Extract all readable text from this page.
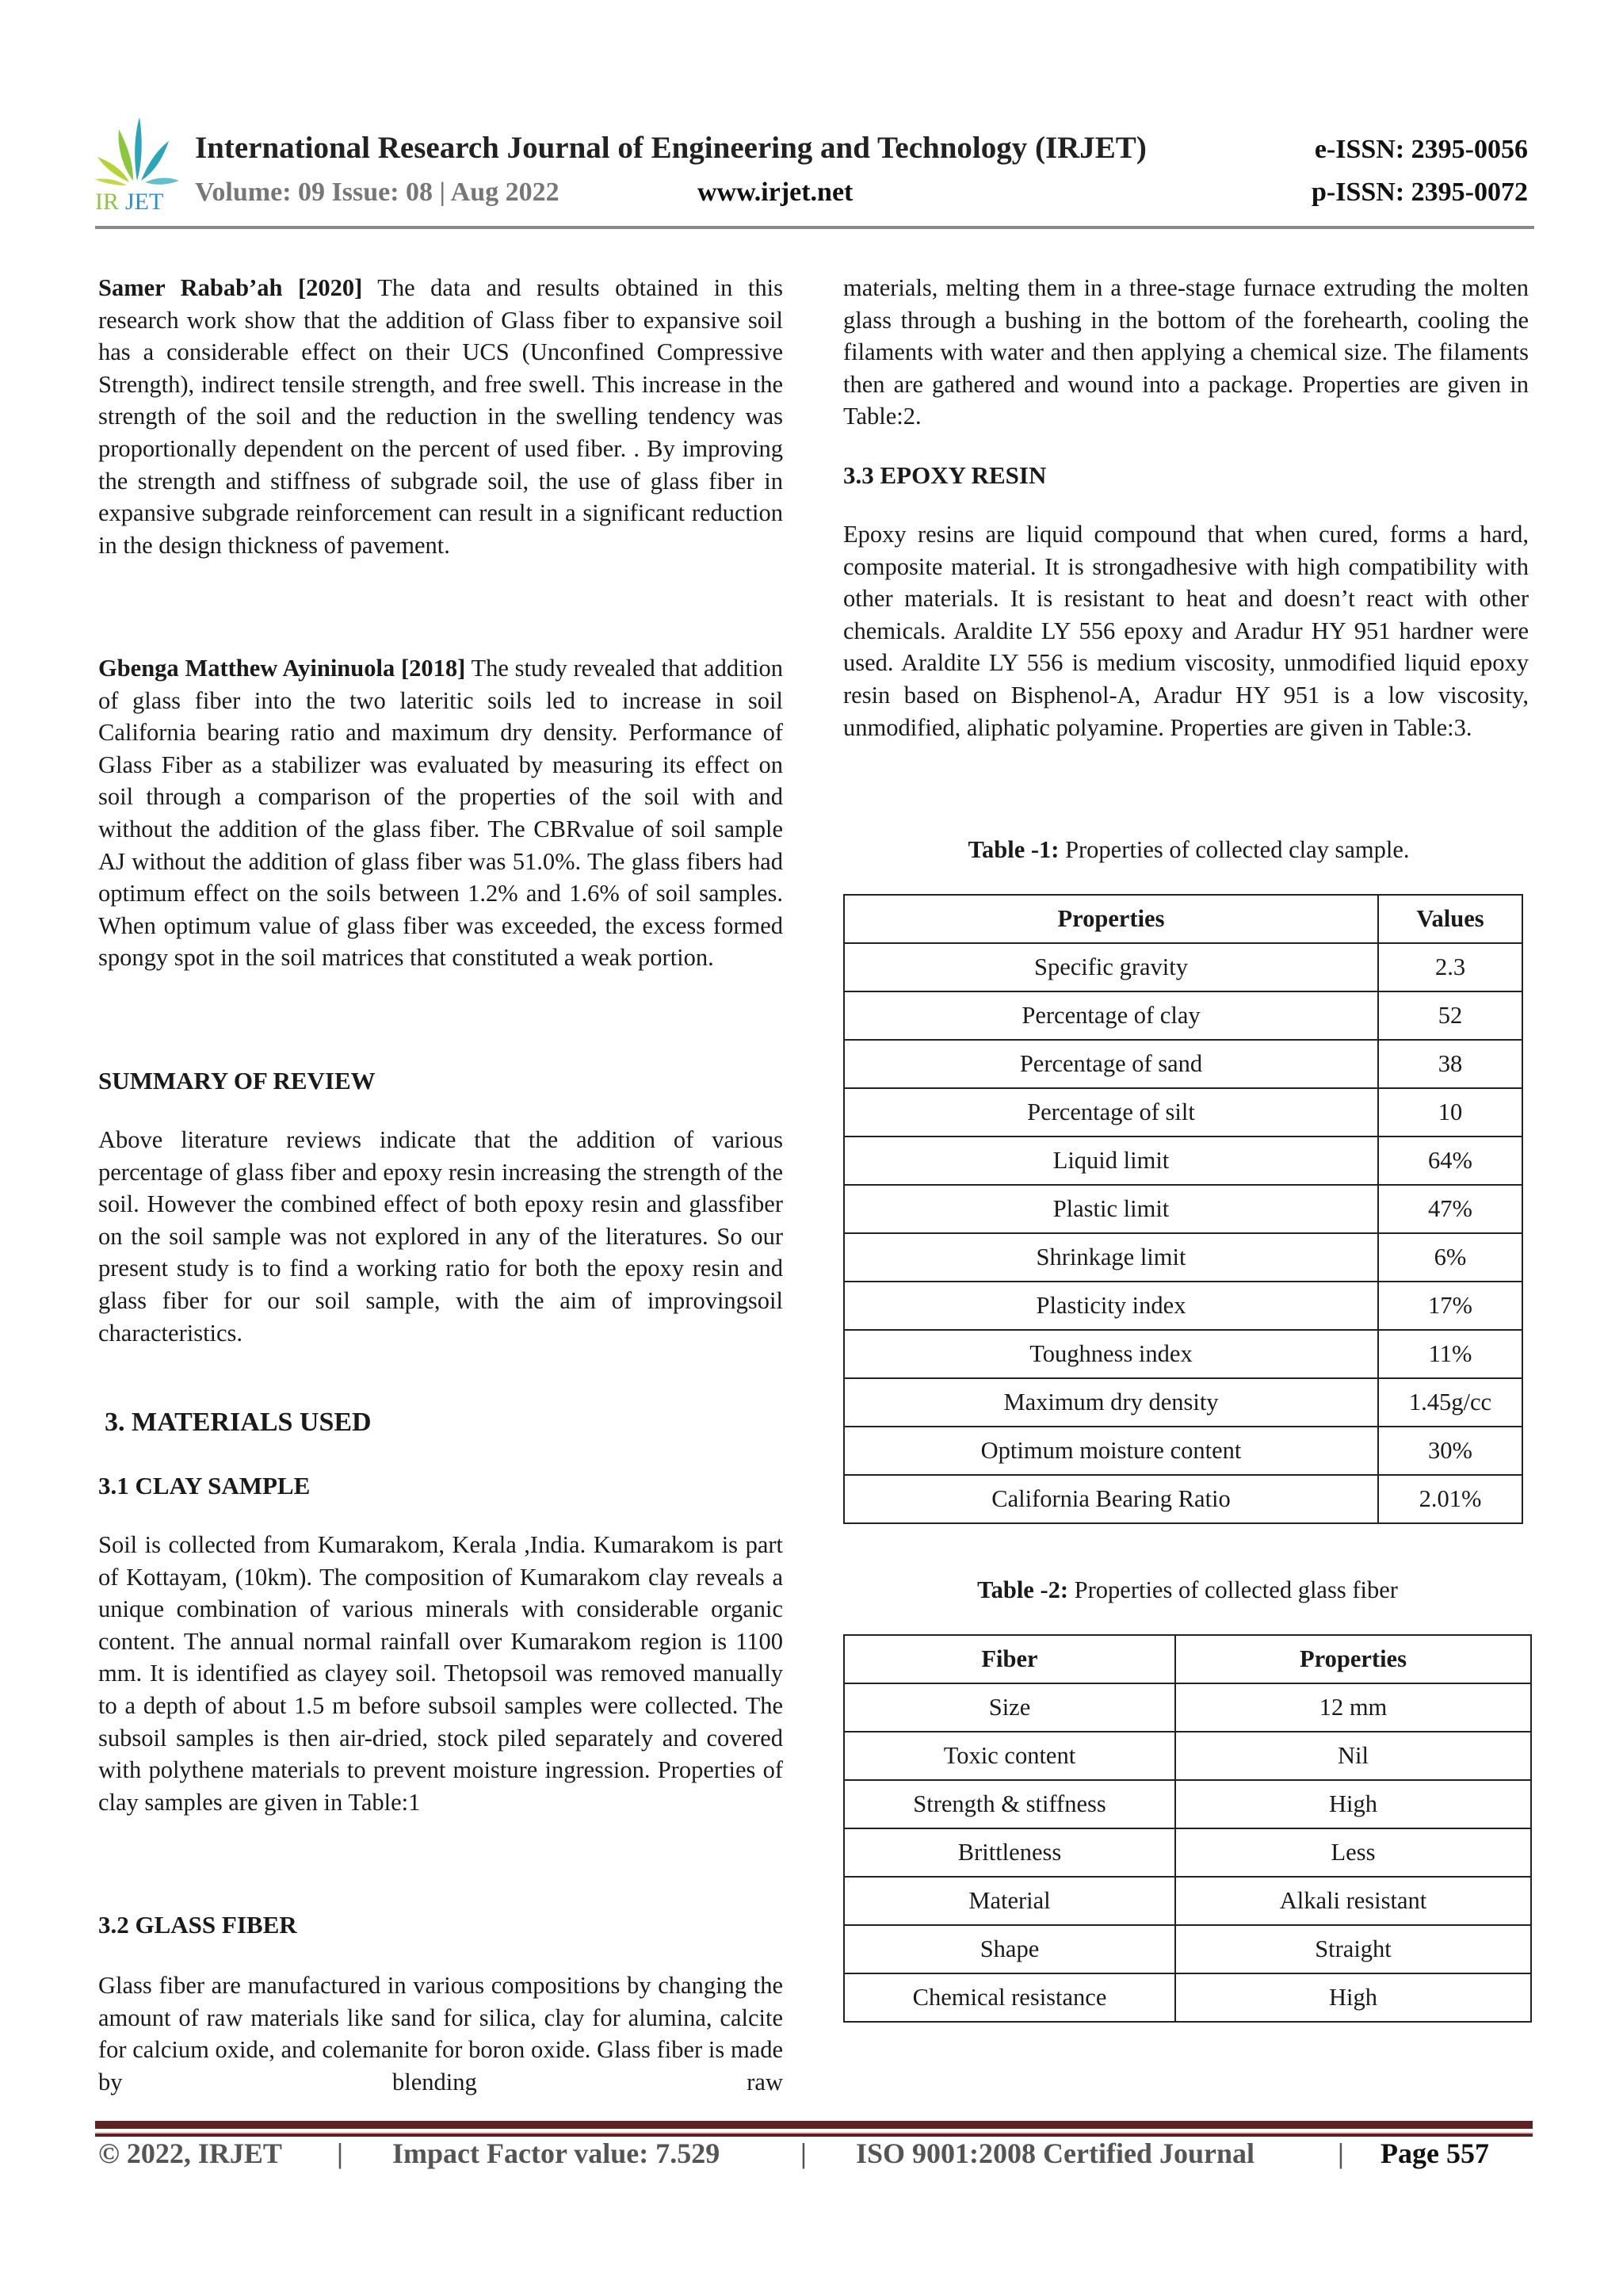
IR JET
International Research Journal of Engineering and Technology (IRJET)
Volume: 09 Issue: 08 | Aug 2022	www.irjet.net
e-ISSN: 2395-0056
p-ISSN: 2395-0072

Samer Rabab’ah [2020] The data and results obtained in this research work show that the addition of Glass fiber to expansive soil has a considerable effect on their UCS (Unconfined Compressive Strength), indirect tensile strength, and free swell. This increase in the strength of the soil and the reduction in the swelling tendency was proportionally dependent on the percent of used fiber. . By improving the strength and stiffness of subgrade soil, the use of glass fiber in expansive subgrade reinforcement can result in a significant reduction in the design thickness of pavement.

Gbenga Matthew Ayininuola [2018] The study revealed that addition of glass fiber into the two lateritic soils led to increase in soil California bearing ratio and maximum dry density. Performance of Glass Fiber as a stabilizer was evaluated by measuring its effect on soil through a comparison of the properties of the soil with and without the addition of the glass fiber. The CBRvalue of soil sample AJ without the addition of glass fiber was 51.0%. The glass fibers had optimum effect on the soils between 1.2% and 1.6% of soil samples. When optimum value of glass fiber was exceeded, the excess formed spongy spot in the soil matrices that constituted a weak portion.

SUMMARY OF REVIEW
Above literature reviews indicate that the addition of various percentage of glass fiber and epoxy resin increasing the strength of the soil. However the combined effect of both epoxy resin and glassfiber on the soil sample was not explored in any of the literatures. So our present study is to find a working ratio for both the epoxy resin and glass fiber for our soil sample, with the aim of improvingsoil characteristics.
3. MATERIALS USED
3.1 CLAY SAMPLE
Soil is collected from Kumarakom, Kerala ,India. Kumarakom is part of Kottayam, (10km). The composition of Kumarakom clay reveals a unique combination of various minerals with considerable organic content. The annual normal rainfall over Kumarakom region is 1100 mm. It is identified as clayey soil. Thetopsoil was removed manually to a depth of about 1.5 m before subsoil samples were collected. The subsoil samples is then air-dried, stock piled separately and covered with polythene materials to prevent moisture ingression. Properties of clay samples are given in Table:1
3.2 GLASS FIBER
Glass fiber are manufactured in various compositions by changing the amount of raw materials like sand for silica, clay for alumina, calcite for calcium oxide, and colemanite for boron oxide. Glass fiber is made by blending raw
materials, melting them in a three-stage furnace extruding the molten glass through a bushing in the bottom of the forehearth, cooling the filaments with water and then applying a chemical size. The filaments then are gathered and wound into a package. Properties are given in Table:2.
3.3 EPOXY RESIN
Epoxy resins are liquid compound that when cured, forms a hard, composite material. It is strongadhesive with high compatibility with other materials. It is resistant to heat and doesn’t react with other chemicals. Araldite LY 556 epoxy and Aradur HY 951 hardner were used. Araldite LY 556 is medium viscosity, unmodified liquid epoxy resin based on Bisphenol-A, Aradur HY 951 is a low viscosity, unmodified, aliphatic polyamine. Properties are given in Table:3.
Table -1: Properties of collected clay sample.
Properties	Values
Specific gravity	2.3
Percentage of clay	52
Percentage of sand	38
Percentage of silt	10
Liquid limit	64%
Plastic limit	47%
Shrinkage limit	6%
Plasticity index	17%
Toughness index	11%
Maximum dry density	1.45g/cc
Optimum moisture content	30%
California Bearing Ratio	2.01%
Table -2: Properties of collected glass fiber
Fiber	Properties
Size	12 mm
Toxic content	Nil
Strength & stiffness	High
Brittleness	Less
Material	Alkali resistant
Shape	Straight
Chemical resistance	High
© 2022, IRJET | Impact Factor value: 7.529	| ISO 9001:2008 Certified Journal	| Page 557
